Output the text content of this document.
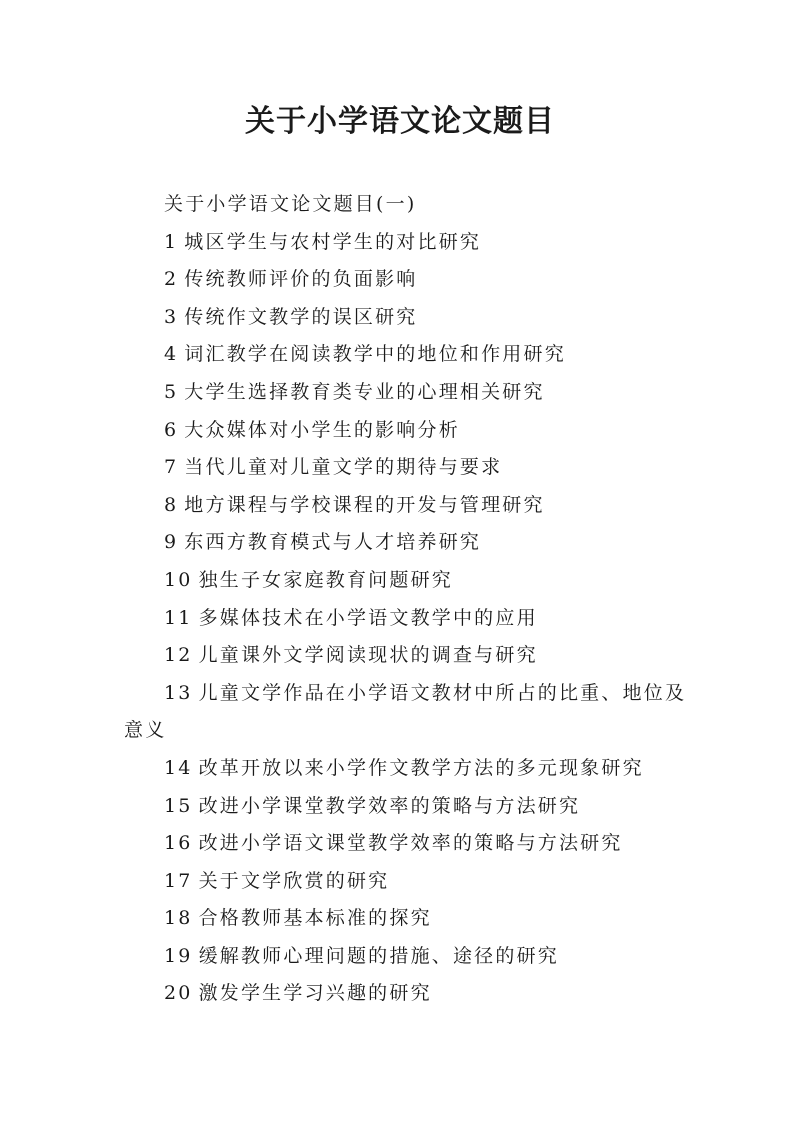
关于小学语文论文题目

关于小学语文论文题目(一)

1 城区学生与农村学生的对比研究

2 传统教师评价的负面影响

3 传统作文教学的误区研究

4 词汇教学在阅读教学中的地位和作用研究

5 大学生选择教育类专业的心理相关研究

6 大众媒体对小学生的影响分析

7 当代儿童对儿童文学的期待与要求

8 地方课程与学校课程的开发与管理研究

9 东西方教育模式与人才培养研究

10 独生子女家庭教育问题研究

11 多媒体技术在小学语文教学中的应用

12 儿童课外文学阅读现状的调查与研究

13 儿童文学作品在小学语文教材中所占的比重、地位及意义

14 改革开放以来小学作文教学方法的多元现象研究

15 改进小学课堂教学效率的策略与方法研究

16 改进小学语文课堂教学效率的策略与方法研究

17 关于文学欣赏的研究

18 合格教师基本标准的探究

19 缓解教师心理问题的措施、途径的研究

20 激发学生学习兴趣的研究
